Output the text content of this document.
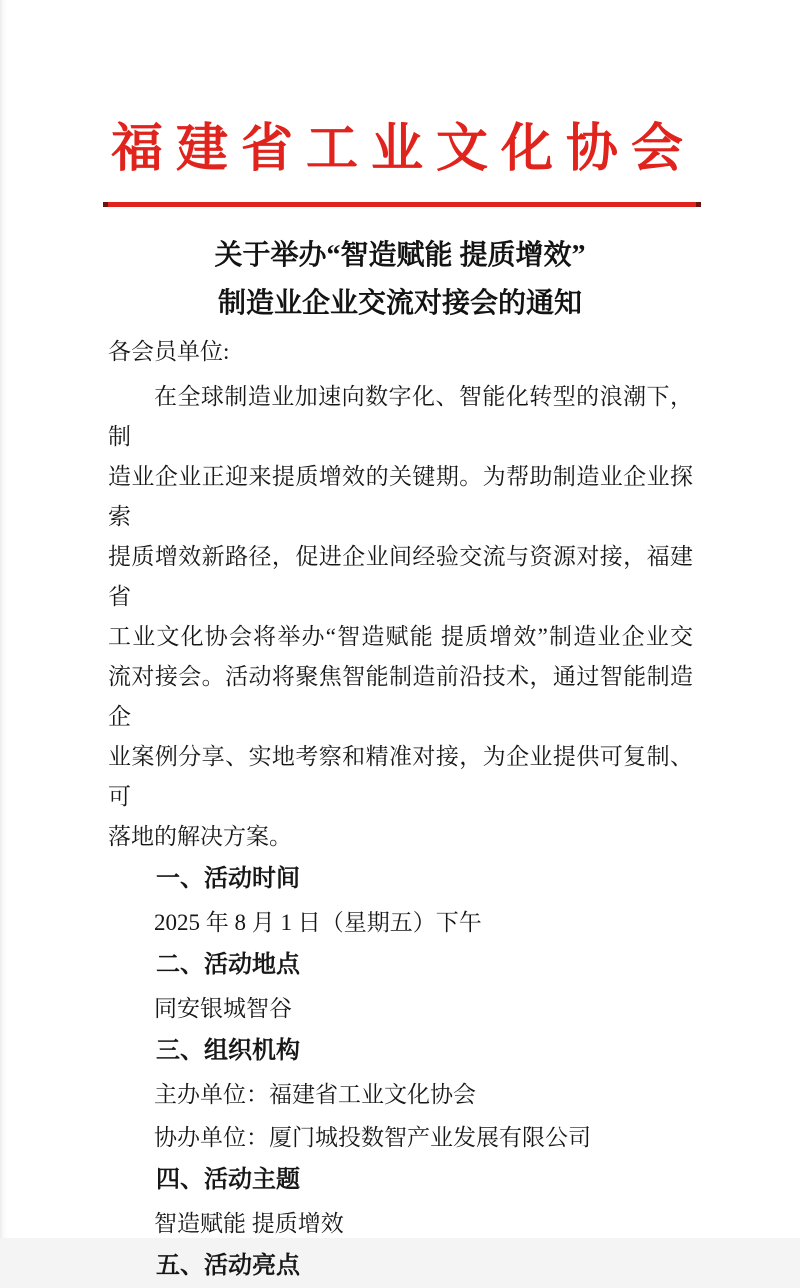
福建省工业文化协会
关于举办“智造赋能 提质增效”
制造业企业交流对接会的通知
各会员单位:
在全球制造业加速向数字化、智能化转型的浪潮下，制
造业企业正迎来提质增效的关键期。为帮助制造业企业探索
提质增效新路径，促进企业间经验交流与资源对接，福建省
工业文化协会将举办“智造赋能 提质增效”制造业企业交
流对接会。活动将聚焦智能制造前沿技术，通过智能制造企
业案例分享、实地考察和精准对接，为企业提供可复制、可
落地的解决方案。
一、活动时间
2025 年 8 月 1 日（星期五）下午
二、活动地点
同安银城智谷
三、组织机构
主办单位：福建省工业文化协会
协办单位：厦门城投数智产业发展有限公司
四、活动主题
智造赋能 提质增效
五、活动亮点
